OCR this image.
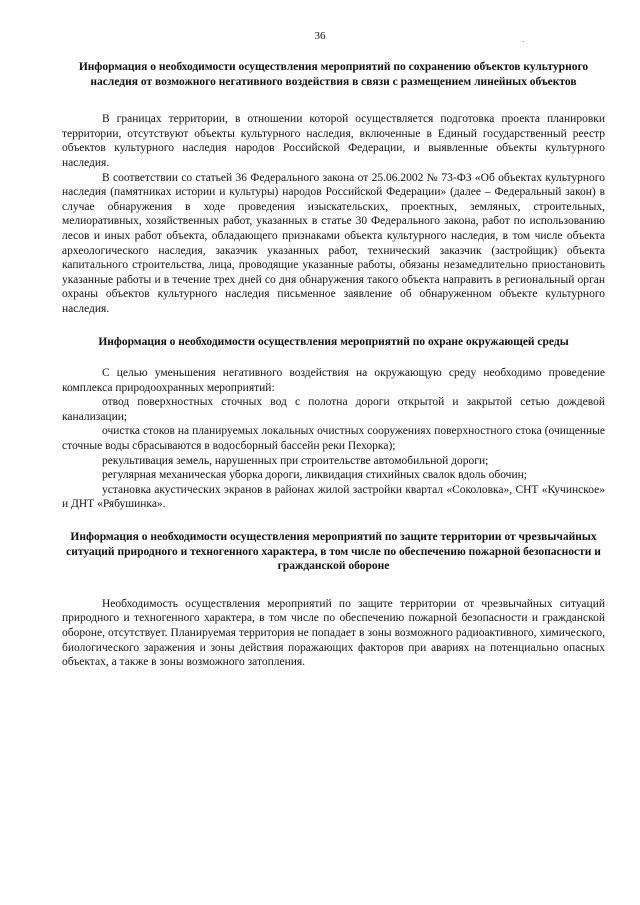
36	.

Информация о необходимости осуществления мероприятий по сохранению объектов культурного наследия от возможного негативного воздействия в связи с размещением линейных объектов

В границах территории, в отношении которой осуществляется подготовка проекта планировки территории, отсутствуют объекты культурного наследия, включенные в Единый государственный реестр объектов культурного наследия народов Российской Федерации, и выявленные объекты культурного наследия.

В соответствии со статьей 36 Федерального закона от 25.06.2002 № 73-ФЗ «Об объектах культурного наследия (памятниках истории и культуры) народов Российской Федерации» (далее – Федеральный закон) в случае обнаружения в ходе проведения изыскательских, проектных, земляных, строительных, мелиоративных, хозяйственных работ, указанных в статье 30 Федерального закона, работ по использованию лесов и иных работ объекта, обладающего признаками объекта культурного наследия, в том числе объекта археологического наследия, заказчик указанных работ, технический заказчик (застройщик) объекта капитального строительства, лица, проводящие указанные работы, обязаны незамедлительно приостановить указанные работы и в течение трех дней со дня обнаружения такого объекта направить в региональный орган охраны объектов культурного наследия письменное заявление об обнаруженном объекте культурного наследия.

Информация о необходимости осуществления мероприятий по охране окружающей среды

С целью уменьшения негативного воздействия на окружающую среду необходимо проведение комплекса природоохранных мероприятий:

отвод поверхностных сточных вод с полотна дороги открытой и закрытой сетью дождевой канализации;

очистка стоков на планируемых локальных очистных сооружениях поверхностного стока (очищенные сточные воды сбрасываются в водосборный бассейн реки Пехорка);

рекультивация земель, нарушенных при строительстве автомобильной дороги;

регулярная механическая уборка дороги, ликвидация стихийных свалок вдоль обочин;

установка акустических экранов в районах жилой застройки квартал «Соколовка», СНТ «Кучинское» и ДНТ «Рябушинка».

Информация о необходимости осуществления мероприятий по защите территории от чрезвычайных ситуаций природного и техногенного характера, в том числе по обеспечению пожарной безопасности и гражданской обороне

Необходимость осуществления мероприятий по защите территории от чрезвычайных ситуаций природного и техногенного характера, в том числе по обеспечению пожарной безопасности и гражданской обороне, отсутствует. Планируемая территория не попадает в зоны возможного радиоактивного, химического, биологического заражения и зоны действия поражающих факторов при авариях на потенциально опасных объектах, а также в зоны возможного затопления.
